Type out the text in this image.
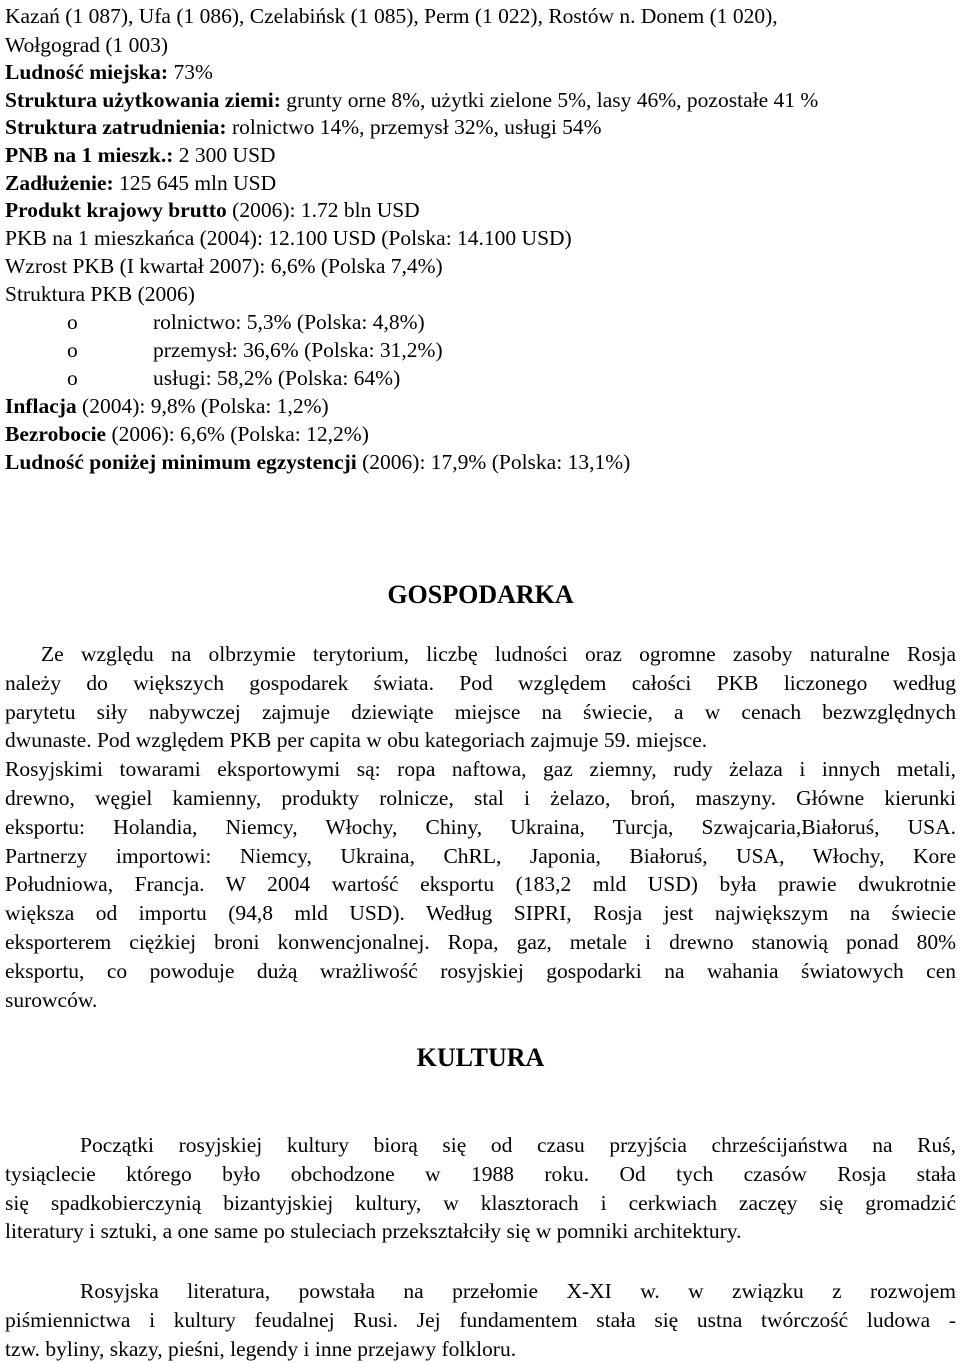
Kazań (1 087), Ufa (1 086), Czelabińsk (1 085), Perm (1 022), Rostów n. Donem (1 020),
Wołgograd (1 003)
Ludność miejska: 73%
Struktura użytkowania ziemi: grunty orne 8%, użytki zielone 5%, lasy 46%, pozostałe 41 %
Struktura zatrudnienia: rolnictwo 14%, przemysł 32%, usługi 54%
PNB na 1 mieszk.: 2 300 USD
Zadłużenie: 125 645 mln USD
Produkt krajowy brutto (2006): 1.72 bln USD
PKB na 1 mieszkańca (2004): 12.100 USD (Polska: 14.100 USD)
Wzrost PKB (I kwartał 2007): 6,6% (Polska 7,4%)
Struktura PKB (2006)
o	rolnictwo: 5,3% (Polska: 4,8%)
o	przemysł: 36,6% (Polska: 31,2%)
o	usługi: 58,2% (Polska: 64%)
Inflacja (2004): 9,8% (Polska: 1,2%)
Bezrobocie (2006): 6,6% (Polska: 12,2%)
Ludność poniżej minimum egzystencji (2006): 17,9% (Polska: 13,1%)
GOSPODARKA
Ze względu na olbrzymie terytorium, liczbę ludności oraz ogromne zasoby naturalne Rosja
należy do większych gospodarek świata. Pod względem całości PKB liczonego według
parytetu siły nabywczej zajmuje dziewiąte miejsce na świecie, a w cenach bezwzględnych
dwunaste. Pod względem PKB per capita w obu kategoriach zajmuje 59. miejsce.
Rosyjskimi towarami eksportowymi są: ropa naftowa, gaz ziemny, rudy żelaza i innych metali,
drewno, węgiel kamienny, produkty rolnicze, stal i żelazo, broń, maszyny. Główne kierunki
eksportu: Holandia, Niemcy, Włochy, Chiny, Ukraina, Turcja, Szwajcaria,Białoruś, USA.
Partnerzy importowi: Niemcy, Ukraina, ChRL, Japonia, Białoruś, USA, Włochy, Kore
Południowa, Francja. W 2004 wartość eksportu (183,2 mld USD) była prawie dwukrotnie
większa od importu (94,8 mld USD). Według SIPRI, Rosja jest największym na świecie
eksporterem ciężkiej broni konwencjonalnej. Ropa, gaz, metale i drewno stanowią ponad 80%
eksportu, co powoduje dużą wrażliwość rosyjskiej gospodarki na wahania światowych cen
surowców.
KULTURA
Początki rosyjskiej kultury biorą się od czasu przyjścia chrześcijaństwa na Ruś,
tysiąclecie którego było obchodzone w 1988 roku. Od tych czasów Rosja stała
się spadkobierczynią bizantyjskiej kultury, w klasztorach i cerkwiach zaczęy się gromadzić
literatury i sztuki, a one same po stuleciach przekształciły się w pomniki architektury.
Rosyjska literatura, powstała na przełomie X-XI w. w związku z rozwojem
piśmiennictwa i kultury feudalnej Rusi. Jej fundamentem stała się ustna twórczość ludowa -
tzw. byliny, skazy, pieśni, legendy i inne przejawy folkloru.
